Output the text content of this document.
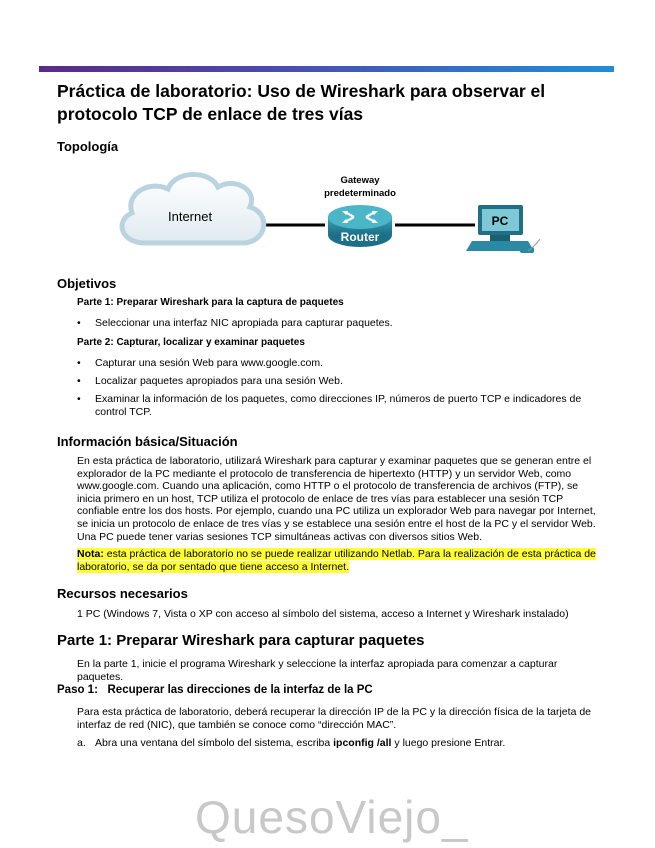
Práctica de laboratorio: Uso de Wireshark para observar el protocolo TCP de enlace de tres vías
Topología
Internet
Gateway
predeterminado
Router
PC
Objetivos
Parte 1: Preparar Wireshark para la captura de paquetes
• Seleccionar una interfaz NIC apropiada para capturar paquetes.
Parte 2: Capturar, localizar y examinar paquetes
• Capturar una sesión Web para www.google.com.
• Localizar paquetes apropiados para una sesión Web.
• Examinar la información de los paquetes, como direcciones IP, números de puerto TCP e indicadores de control TCP.
Información básica/Situación
En esta práctica de laboratorio, utilizará Wireshark para capturar y examinar paquetes que se generan entre el explorador de la PC mediante el protocolo de transferencia de hipertexto (HTTP) y un servidor Web, como www.google.com. Cuando una aplicación, como HTTP o el protocolo de transferencia de archivos (FTP), se inicia primero en un host, TCP utiliza el protocolo de enlace de tres vías para establecer una sesión TCP confiable entre los dos hosts. Por ejemplo, cuando una PC utiliza un explorador Web para navegar por Internet, se inicia un protocolo de enlace de tres vías y se establece una sesión entre el host de la PC y el servidor Web. Una PC puede tener varias sesiones TCP simultáneas activas con diversos sitios Web.
Nota: esta práctica de laboratorio no se puede realizar utilizando Netlab. Para la realización de esta práctica de laboratorio, se da por sentado que tiene acceso a Internet.
Recursos necesarios
1 PC (Windows 7, Vista o XP con acceso al símbolo del sistema, acceso a Internet y Wireshark instalado)
Parte 1: Preparar Wireshark para capturar paquetes
En la parte 1, inicie el programa Wireshark y seleccione la interfaz apropiada para comenzar a capturar paquetes.
Paso 1:   Recuperar las direcciones de la interfaz de la PC
Para esta práctica de laboratorio, deberá recuperar la dirección IP de la PC y la dirección física de la tarjeta de interfaz de red (NIC), que también se conoce como “dirección MAC”.
a. Abra una ventana del símbolo del sistema, escriba ipconfig /all y luego presione Entrar.
QuesoViejo_
